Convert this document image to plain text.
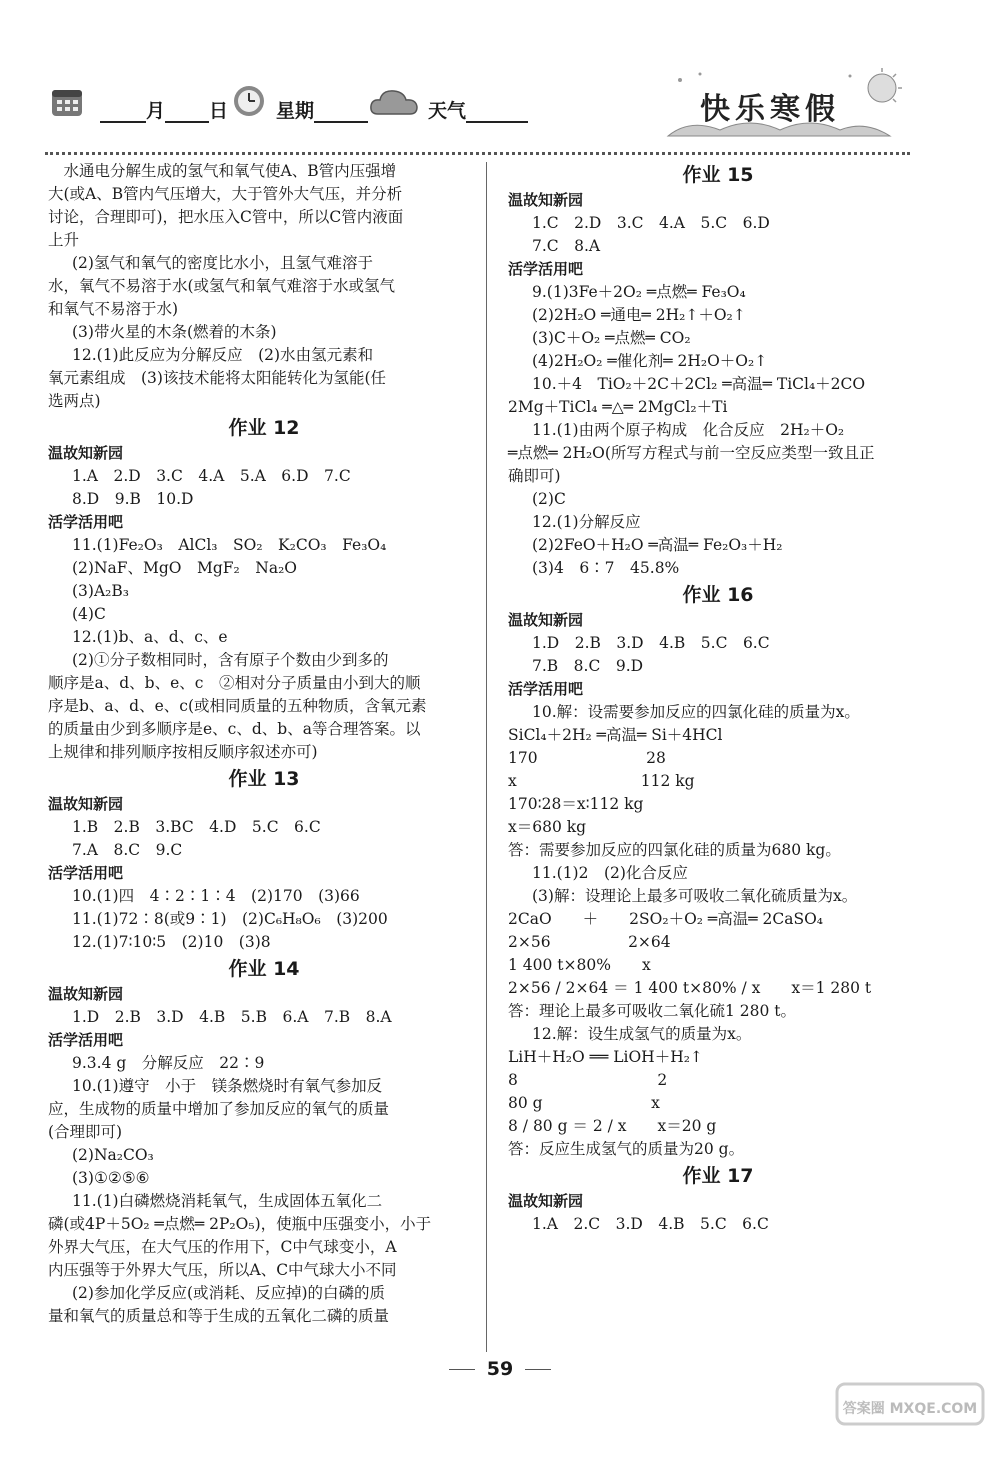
月 日	星期	天气	快乐寒假

　水通电分解生成的氢气和氧气使A、B管内压强增

大(或A、B管内气压增大，大于管外大气压，并分析

讨论，合理即可)，把水压入C管中，所以C管内液面

上升

(2)氢气和氧气的密度比水小，且氢气难溶于

水，氧气不易溶于水(或氢气和氧气难溶于水或氢气

和氧气不易溶于水)

(3)带火星的木条(燃着的木条)

12.(1)此反应为分解反应　(2)水由氢元素和

氧元素组成　(3)该技术能将太阳能转化为氢能(任

选两点)

作业 12

温故知新园

1.A　2.D　3.C　4.A　5.A　6.D　7.C

8.D　9.B　10.D

活学活用吧

11.(1)Fe₂O₃　AlCl₃　SO₂　K₂CO₃　Fe₃O₄

(2)NaF、MgO　MgF₂　Na₂O

(3)A₂B₃

(4)C

12.(1)b、a、d、c、e

(2)①分子数相同时，含有原子个数由少到多的

顺序是a、d、b、e、c　②相对分子质量由小到大的顺

序是b、a、d、e、c(或相同质量的五种物质，含氧元素

的质量由少到多顺序是e、c、d、b、a等合理答案。以

上规律和排列顺序按相反顺序叙述亦可)

作业 13

温故知新园

1.B　2.B　3.BC　4.D　5.C　6.C

7.A　8.C　9.C

活学活用吧

10.(1)四　4∶2∶1∶4　(2)170　(3)66

11.(1)72∶8(或9∶1)　(2)C₆H₈O₆　(3)200

12.(1)7∶10∶5　(2)10　(3)8

作业 14

温故知新园

1.D　2.B　3.D　4.B　5.B　6.A　7.B　8.A

活学活用吧

9.3.4 g　分解反应　22∶9

10.(1)遵守　小于　镁条燃烧时有氧气参加反

应，生成物的质量中增加了参加反应的氧气的质量

(合理即可)

(2)Na₂CO₃

(3)①②⑤⑥

11.(1)白磷燃烧消耗氧气，生成固体五氧化二

磷(或4P＋5O₂ ═点燃═ 2P₂O₅)，使瓶中压强变小，小于

外界大气压，在大气压的作用下，C中气球变小，A

内压强等于外界大气压，所以A、C中气球大小不同

(2)参加化学反应(或消耗、反应掉)的白磷的质

量和氧气的质量总和等于生成的五氧化二磷的质量

作业 15

温故知新园

1.C　2.D　3.C　4.A　5.C　6.D

7.C　8.A

活学活用吧

9.(1)3Fe＋2O₂ ═点燃═ Fe₃O₄

(2)2H₂O ═通电═ 2H₂↑＋O₂↑

(3)C＋O₂ ═点燃═ CO₂

(4)2H₂O₂ ═催化剂═ 2H₂O＋O₂↑

10.＋4　TiO₂＋2C＋2Cl₂ ═高温═ TiCl₄＋2CO

2Mg＋TiCl₄ ═△═ 2MgCl₂＋Ti

11.(1)由两个原子构成　化合反应　2H₂＋O₂

═点燃═ 2H₂O(所写方程式与前一空反应类型一致且正

确即可)

(2)C

12.(1)分解反应

(2)2FeO＋H₂O ═高温═ Fe₂O₃＋H₂

(3)4　6∶7　45.8%

作业 16

温故知新园

1.D　2.B　3.D　4.B　5.C　6.C

7.B　8.C　9.D

活学活用吧

10.解：设需要参加反应的四氯化硅的质量为x。

SiCl₄＋2H₂ ═高温═ Si＋4HCl

170　　　　　　　28

x　　　　　　　　112 kg

170∶28＝x∶112 kg

x＝680 kg

答：需要参加反应的四氯化硅的质量为680 kg。

11.(1)2　(2)化合反应

(3)解：设理论上最多可吸收二氧化硫质量为x。

2CaO　　＋　　2SO₂＋O₂ ═高温═ 2CaSO₄

2×56　　　　　2×64

1 400 t×80%　　x

2×56 / 2×64 ＝ 1 400 t×80% / x　　x＝1 280 t

答：理论上最多可吸收二氧化硫1 280 t。

12.解：设生成氢气的质量为x。

LiH＋H₂O ══ LiOH＋H₂↑

8　　　　　　　　　2

80 g　　　　　　　x

8 / 80 g ＝ 2 / x　　x＝20 g

答：反应生成氢气的质量为20 g。

作业 17

温故知新园

1.A　2.C　3.D　4.B　5.C　6.C

59
答案圈 MXQE.COM
